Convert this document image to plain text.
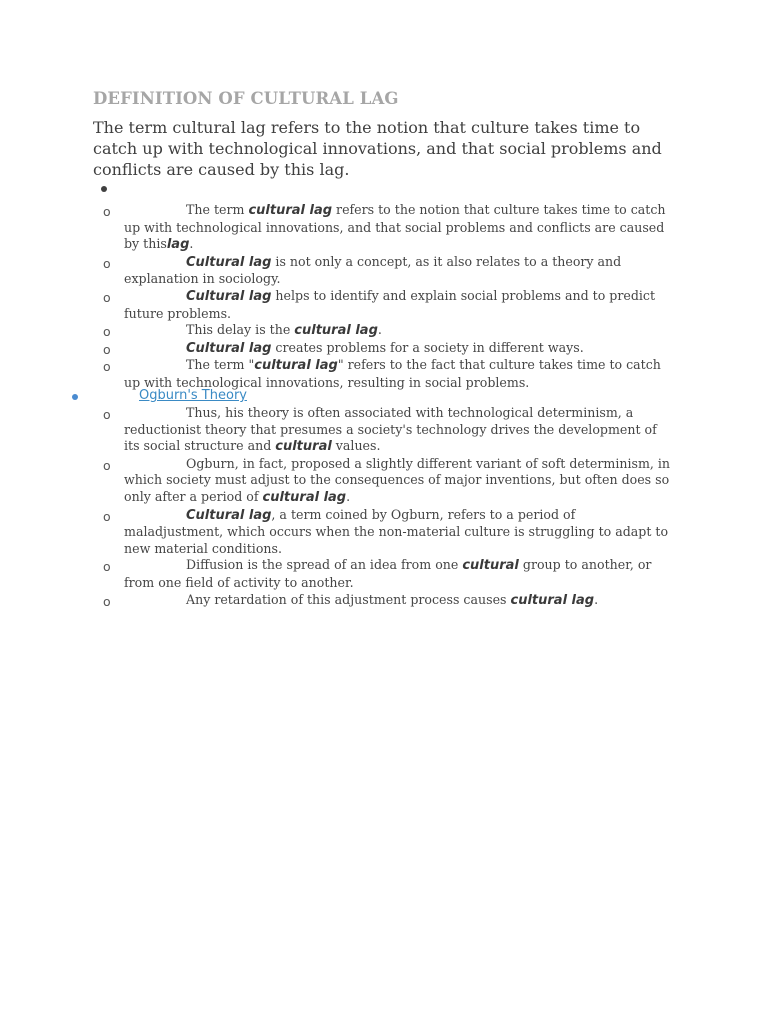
DEFINITION OF CULTURAL LAG

The term cultural lag refers to the notion that culture takes time to catch up with technological innovations, and that social problems and conflicts are caused by this lag.

o	The term cultural lag refers to the notion that culture takes time to catch up with technological innovations, and that social problems and conflicts are caused by thislag.
o	Cultural lag is not only a concept, as it also relates to a theory and explanation in sociology.
o	Cultural lag helps to identify and explain social problems and to predict future problems.
o	This delay is the cultural lag.
o	Cultural lag creates problems for a society in different ways.
o	The term "cultural lag" refers to the fact that culture takes time to catch up with technological innovations, resulting in social problems.
Ogburn's Theory
o	Thus, his theory is often associated with technological determinism, a reductionist theory that presumes a society's technology drives the development of its social structure and cultural values.
o	Ogburn, in fact, proposed a slightly different variant of soft determinism, in which society must adjust to the consequences of major inventions, but often does so only after a period of cultural lag.
o	Cultural lag, a term coined by Ogburn, refers to a period of maladjustment, which occurs when the non-material culture is struggling to adapt to new material conditions.
o	Diffusion is the spread of an idea from one cultural group to another, or from one field of activity to another.
o	Any retardation of this adjustment process causes cultural lag.
